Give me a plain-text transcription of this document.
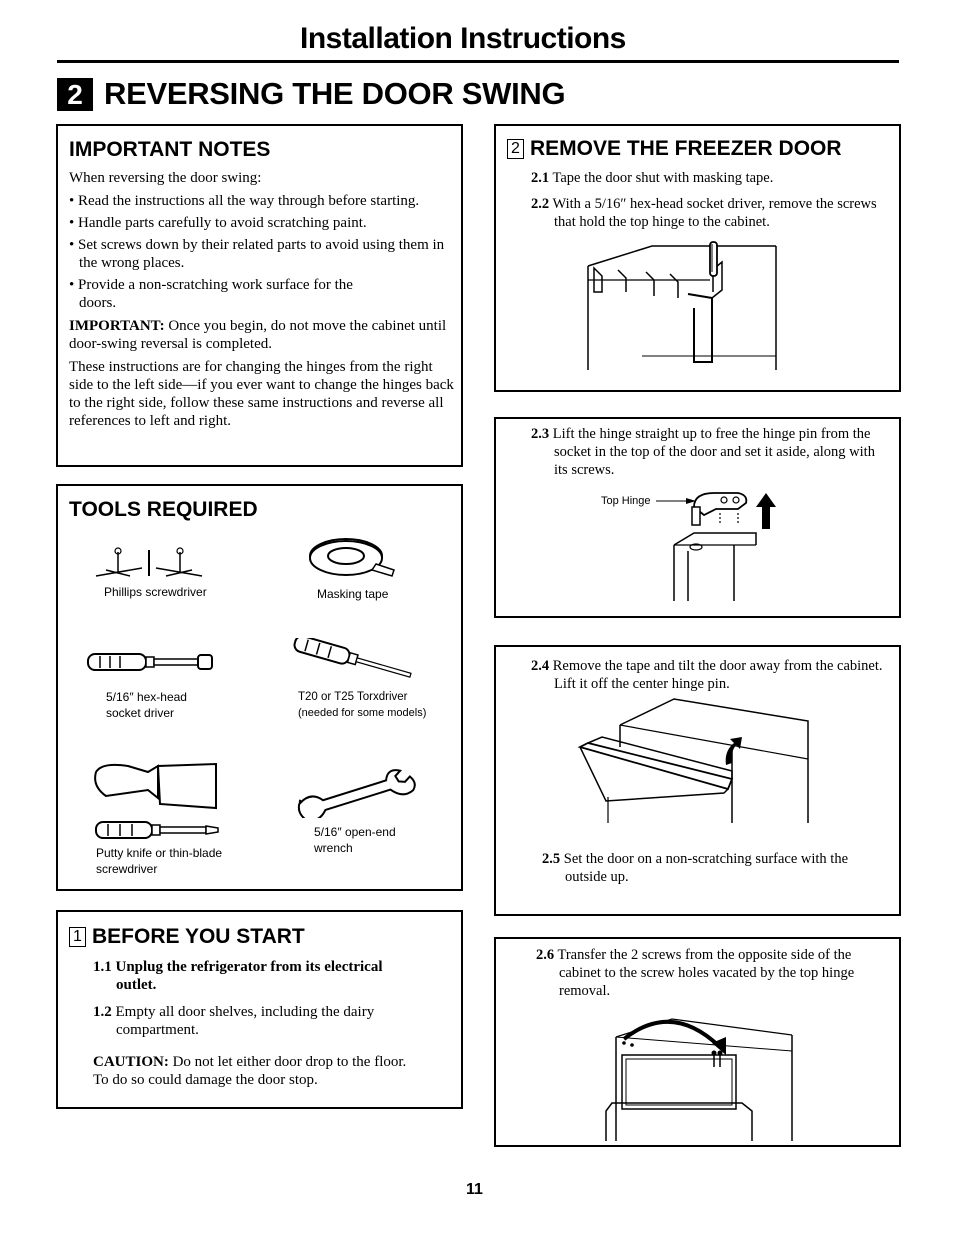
Installation Instructions
2 REVERSING THE DOOR SWING
IMPORTANT NOTES

When reversing the door swing:

• Read the instructions all the way through before starting.

• Handle parts carefully to avoid scratching paint.

• Set screws down by their related parts to avoid using them in the wrong places.

• Provide a non-scratching work surface for the doors.

IMPORTANT: Once you begin, do not move the cabinet until door-swing reversal is completed.

These instructions are for changing the hinges from the right side to the left side—if you ever want to change the hinges back to the right side, follow these same instructions and reverse all references to left and right.

TOOLS REQUIRED
Phillips screwdriver	Masking tape
5/16″ hex-head
socket driver
T20 or T25 Torxdriver
(needed for some models)
Putty knife or thin-blade
screwdriver
5/16″ open-end
wrench
1 BEFORE YOU START

1.1 Unplug the refrigerator from its electrical outlet.

1.2 Empty all door shelves, including the dairy compartment.

CAUTION: Do not let either door drop to the floor. To do so could damage the door stop.

2 REMOVE THE FREEZER DOOR

2.1 Tape the door shut with masking tape.

2.2 With a 5/16″ hex-head socket driver, remove the screws that hold the top hinge to the cabinet.

2.3 Lift the hinge straight up to free the hinge pin from the socket in the top of the door and set it aside, along with its screws.

Top Hinge

2.4 Remove the tape and tilt the door away from the cabinet. Lift it off the center hinge pin.

2.5 Set the door on a non-scratching surface with the outside up.

2.6 Transfer the 2 screws from the opposite side of the cabinet to the screw holes vacated by the top hinge removal.

11
